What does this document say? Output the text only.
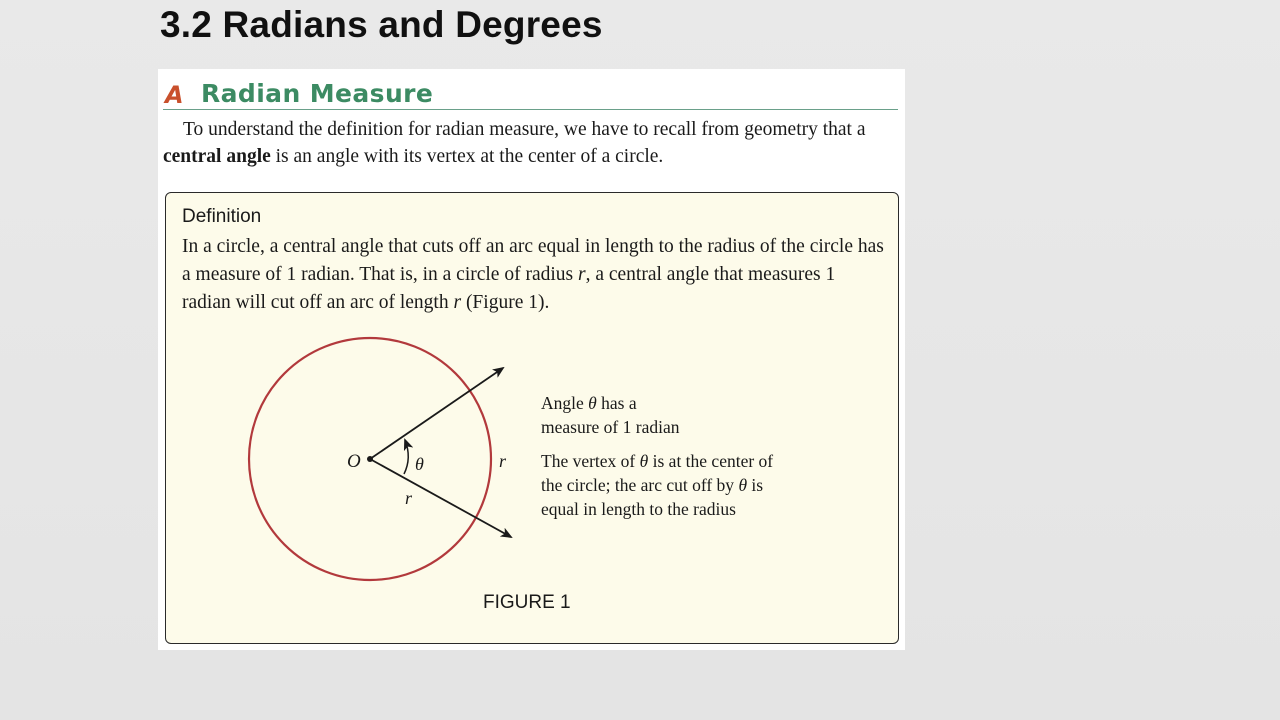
3.2 Radians and Degrees
A Radian Measure
To understand the definition for radian measure, we have to recall from geometry that a central angle is an angle with its vertex at the center of a circle.
Definition
In a circle, a central angle that cuts off an arc equal in length to the radius of the circle has a measure of 1 radian. That is, in a circle of radius r, a central angle that measures 1 radian will cut off an arc of length r (Figure 1).
O	θ	r
r
Angle θ has a
measure of 1 radian
The vertex of θ is at the center of
the circle; the arc cut off by θ is
equal in length to the radius
FIGURE 1
